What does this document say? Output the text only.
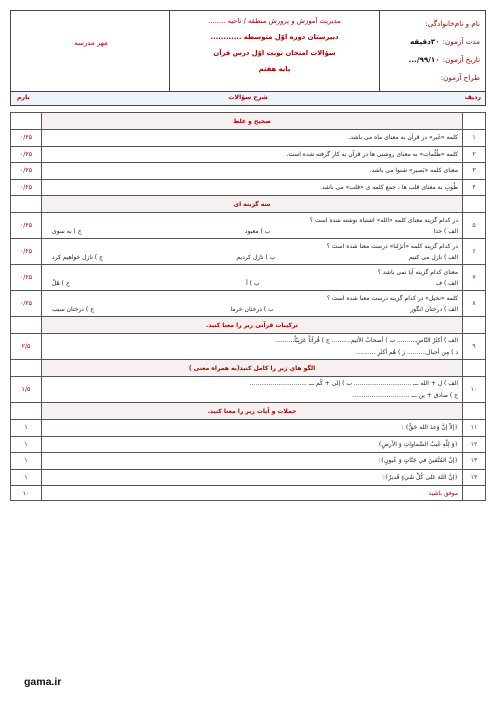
نام و نام‌خانوادگی:
مدت آزمون:۳۰دقیقه
تاریخ آزمون:۹۹/۱۰/...
طراح آزمون:
مدیریت آموزش و پرورش منطقه / ناحیه ........
دبیرستان دوره اوّل متوسطه ............
سؤالات امتحان نوبت اوّل درس قرآن
پایه هفتم
مهر مدرسه
ردیف
شرح سؤالات
بارم
	صحیح و غلط	
۱	کلمه «غَبر» در قرآن به معنای ماه می باشد.	۰/۲۵
۲	کلمه «ظُلُمات» به معنای روشنی ها در قرآن به کار گرفته شده است.	۰/۲۵
۳	معنای کلمه «بَصیر» شنوا می باشد.	۰/۲۵
۴	طُوبِ به معنای قلب ها ، جمع کلمه ی «قلب» می باشد.	۰/۲۵
	سه گزینه ای	
۵	در کدام گزینه معنای کلمه «الله» اشتباه نوشته شده است ؟
الف ) خدا
ب ) معبود
ج ) به سوی	۰/۲۵
۶	در کدام گزینه کلمه «أنزَلنا» درست معنا شده است ؟
الف ) نازل می کنیم
ب ) نازل کردیم
ج ) نازل خواهیم کرد	۰/۲۵
۷	معنای کدام گزینه آیا نمی باشد ؟
الف ) ف
ب ) أ
ج ) هَلْ	۰/۲۵
۸	کلمه «نخیل» در کدام گزینه درست معنا شده است ؟
الف ) درختان انگور
ب ) درختان خرما
ج ) درختان سیب	۰/۲۵
	ترکیبات قرآنی زیر را معنا کنید.	
۹	الف ) أكثَرُ النّاسِ.......... ب ) أصحابُ الأثيم.......... ج ) قُرآناً عَرَبِيّاً..........
د ) مِن أجبال.......... ز ) هُم أكثَرِ ..........	۲/۵
	الگو های زیر را کامل کنید(به همراه معنی )	
۱۰	الف ) ل + الله ـــ .............................. ب ) إلی + کُم ـــ ..............................
ج ) صادق + ين ـــ ..............................	۱/۵
	جملات و آیات زیر را معنا کنید.	
۱۱	﴿إلاّ إنَّ وَعدَ الله حَقٌّ﴾ :	۱
۱۲	﴿وَ لِلّهِ غَيبُ السَّماواتِ وَ الأرضِ﴾	۱
۱۳	﴿إنَّ المُتَّقينَ في جَنّاتٍ وَ عُيونٍ﴾:	۱
۱۴	﴿إنَّ اللهَ عَلى كُلِّ شَيءٍ قَديرٌ﴾:	۱
	موفق باشید	۱۰
gama.ir
